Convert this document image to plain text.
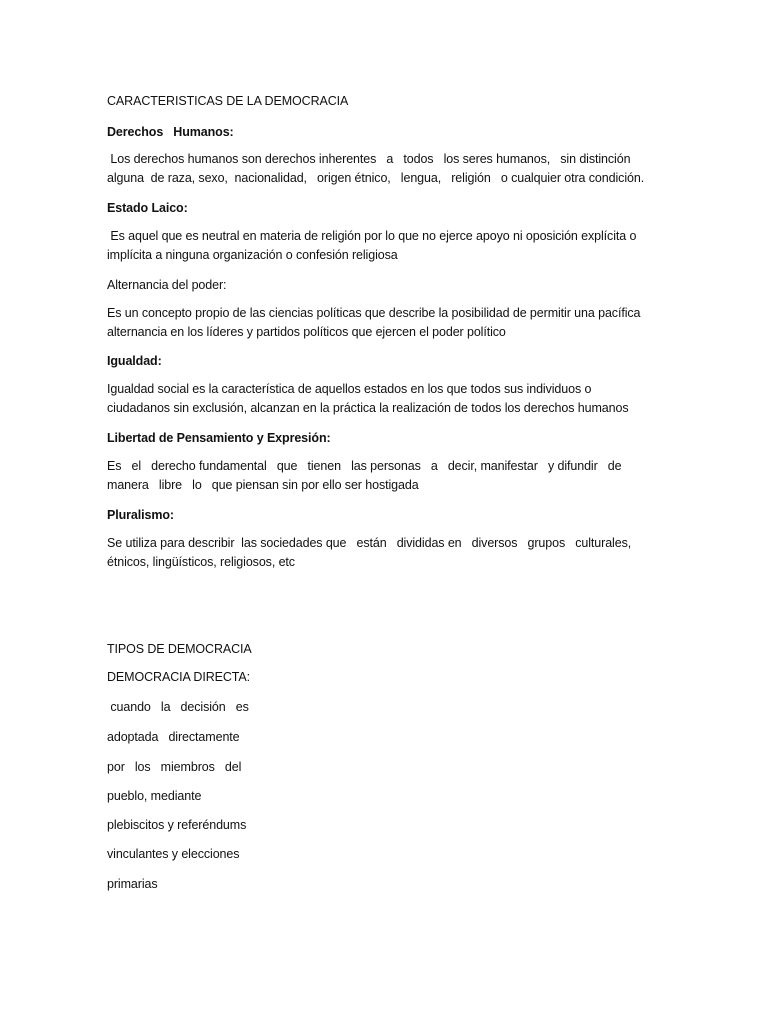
CARACTERISTICAS DE LA DEMOCRACIA

Derechos   Humanos:

Los derechos humanos son derechos inherentes   a   todos   los seres humanos,   sin distinción

alguna  de raza, sexo,  nacionalidad,   origen étnico,   lengua,   religión   o cualquier otra condición.

Estado Laico:

Es aquel que es neutral en materia de religión por lo que no ejerce apoyo ni oposición explícita o

implícita a ninguna organización o confesión religiosa

Alternancia del poder:

Es un concepto propio de las ciencias políticas que describe la posibilidad de permitir una pacífica

alternancia en los líderes y partidos políticos que ejercen el poder político

Igualdad:

Igualdad social es la característica de aquellos estados en los que todos sus individuos o

ciudadanos sin exclusión, alcanzan en la práctica la realización de todos los derechos humanos

Libertad de Pensamiento y Expresión:

Es   el   derecho fundamental   que   tienen   las personas   a   decir, manifestar   y difundir   de

manera   libre   lo   que piensan sin por ello ser hostigada

Pluralismo:

Se utiliza para describir  las sociedades que   están   divididas en   diversos   grupos   culturales,

étnicos, lingüísticos, religiosos, etc

TIPOS DE DEMOCRACIA

DEMOCRACIA DIRECTA:

cuando   la   decisión   es

adoptada   directamente

por   los   miembros   del

pueblo, mediante

plebiscitos y referéndums

vinculantes y elecciones

primarias
